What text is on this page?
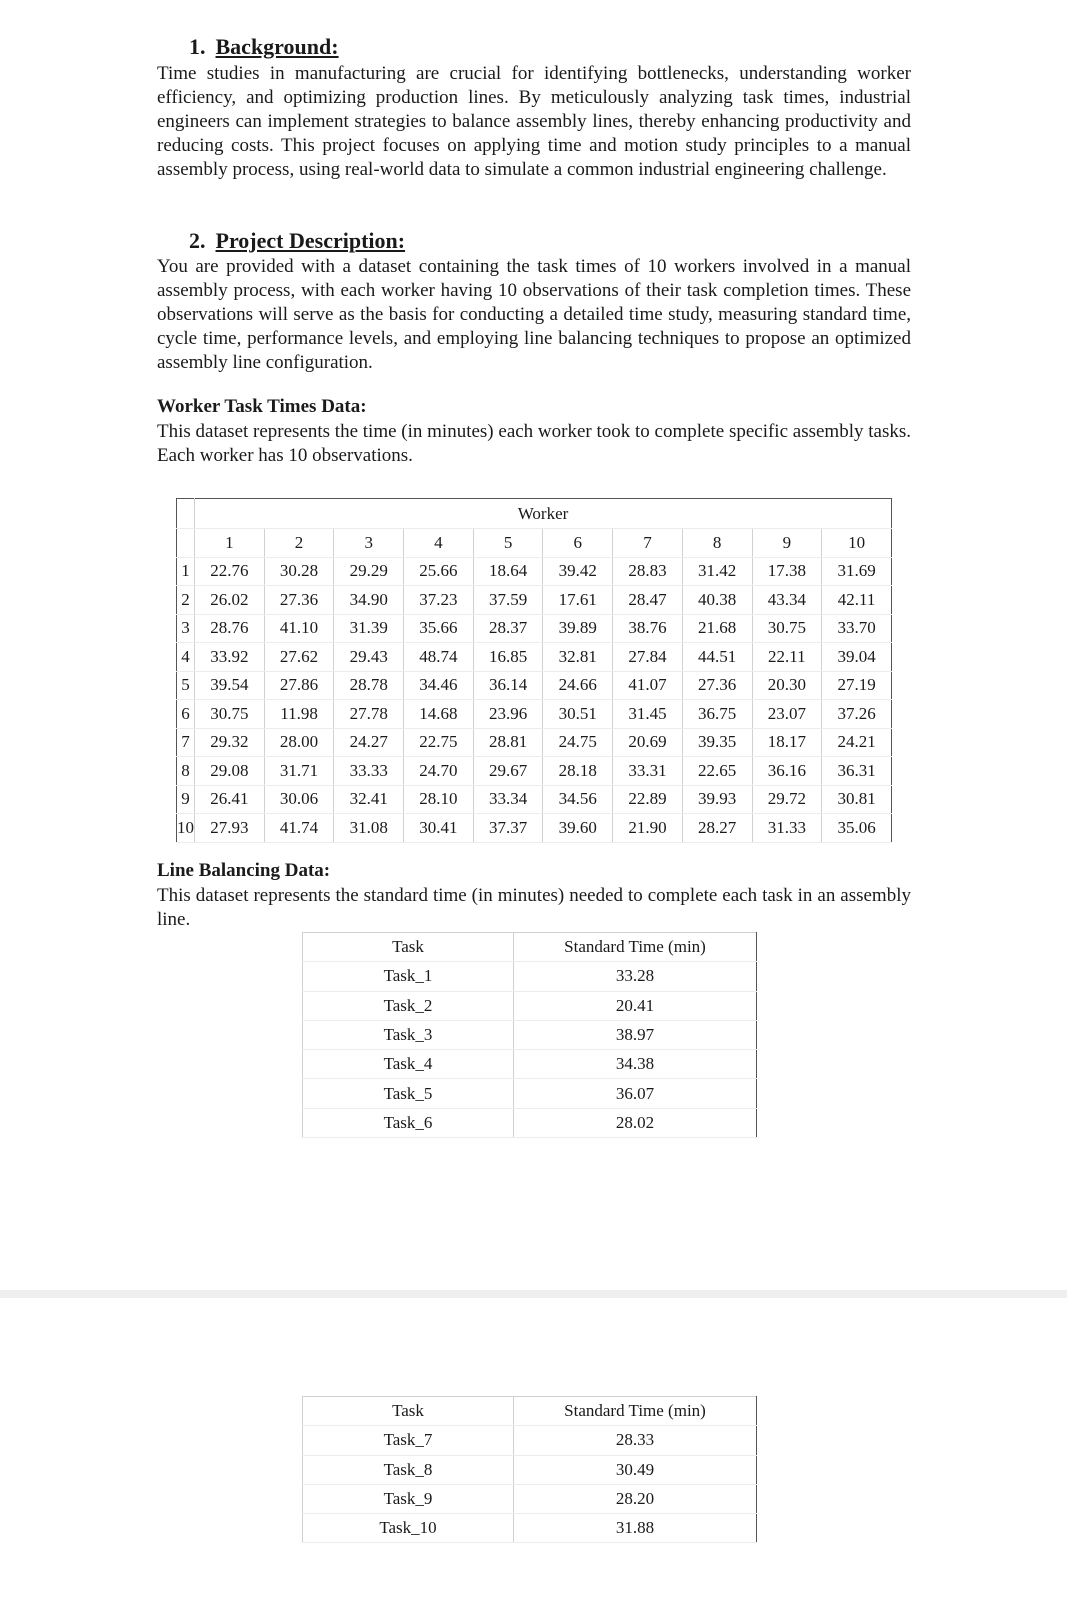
1. Background:
Time studies in manufacturing are crucial for identifying bottlenecks, understanding worker efficiency, and optimizing production lines. By meticulously analyzing task times, industrial engineers can implement strategies to balance assembly lines, thereby enhancing productivity and reducing costs. This project focuses on applying time and motion study principles to a manual assembly process, using real-world data to simulate a common industrial engineering challenge.
2. Project Description:
You are provided with a dataset containing the task times of 10 workers involved in a manual assembly process, with each worker having 10 observations of their task completion times. These observations will serve as the basis for conducting a detailed time study, measuring standard time, cycle time, performance levels, and employing line balancing techniques to propose an optimized assembly line configuration.
Worker Task Times Data:
This dataset represents the time (in minutes) each worker took to complete specific assembly tasks. Each worker has 10 observations.
	Worker									
	1	2	3	4	5	6	7	8	9	10
1	22.76	30.28	29.29	25.66	18.64	39.42	28.83	31.42	17.38	31.69
2	26.02	27.36	34.90	37.23	37.59	17.61	28.47	40.38	43.34	42.11
3	28.76	41.10	31.39	35.66	28.37	39.89	38.76	21.68	30.75	33.70
4	33.92	27.62	29.43	48.74	16.85	32.81	27.84	44.51	22.11	39.04
5	39.54	27.86	28.78	34.46	36.14	24.66	41.07	27.36	20.30	27.19
6	30.75	11.98	27.78	14.68	23.96	30.51	31.45	36.75	23.07	37.26
7	29.32	28.00	24.27	22.75	28.81	24.75	20.69	39.35	18.17	24.21
8	29.08	31.71	33.33	24.70	29.67	28.18	33.31	22.65	36.16	36.31
9	26.41	30.06	32.41	28.10	33.34	34.56	22.89	39.93	29.72	30.81
10	27.93	41.74	31.08	30.41	37.37	39.60	21.90	28.27	31.33	35.06
Line Balancing Data:
This dataset represents the standard time (in minutes) needed to complete each task in an assembly line.
Task	Standard Time (min)
Task_1	33.28
Task_2	20.41
Task_3	38.97
Task_4	34.38
Task_5	36.07
Task_6	28.02
Task	Standard Time (min)
Task_7	28.33
Task_8	30.49
Task_9	28.20
Task_10	31.88
